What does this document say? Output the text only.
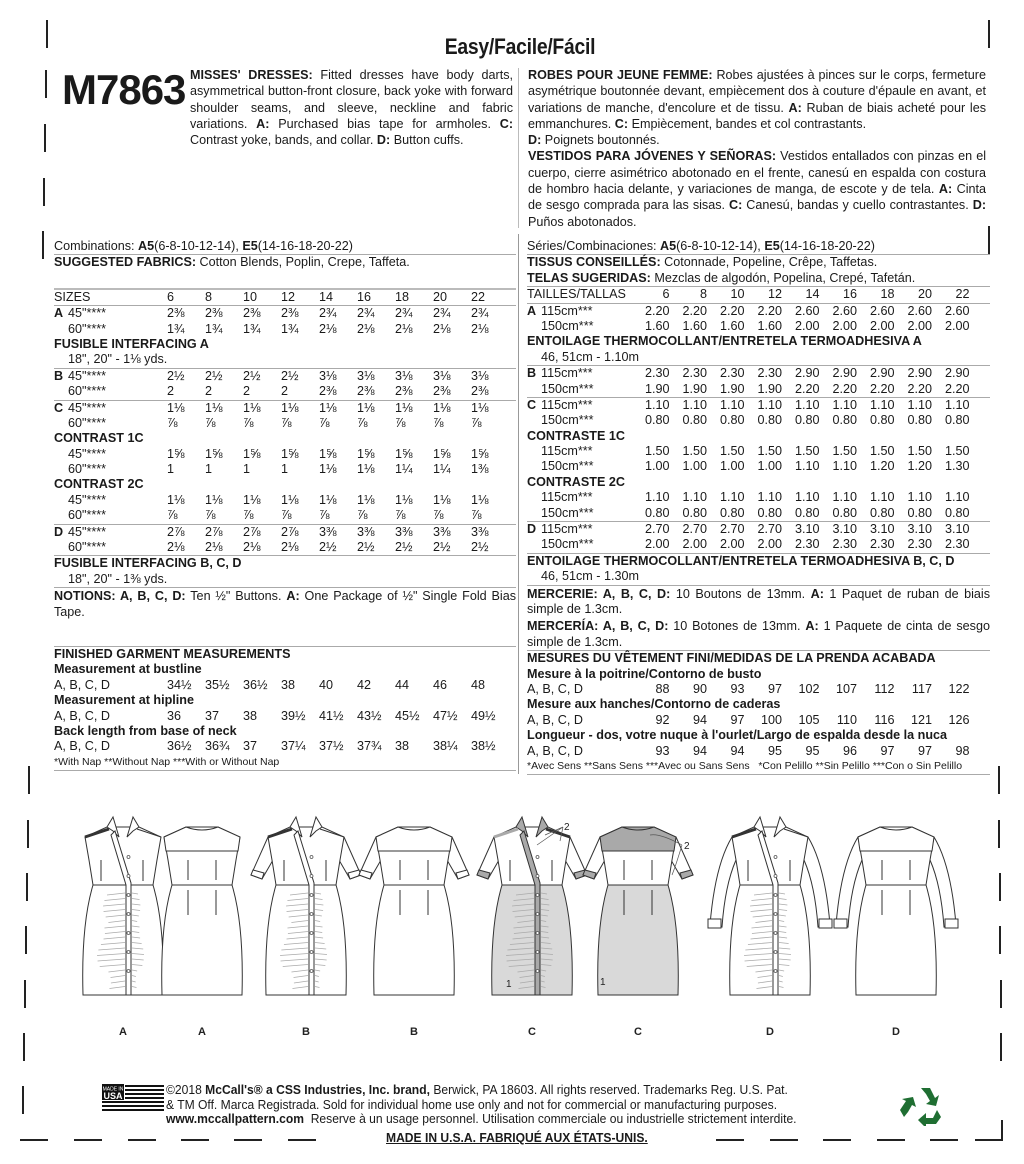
Easy/Facile/Fácil
M7863 MISSES' DRESSES: Fitted dresses have body darts, asymmetrical button-front closure, back yoke with forward shoulder seams, and sleeve, neckline and fabric variations. A: Purchased bias tape for armholes. C: Contrast yoke, bands, and collar. D: Button cuffs.
ROBES POUR JEUNE FEMME: Robes ajustées à pinces sur le corps, fermeture asymétrique boutonnée devant, empiècement dos à couture d'épaule en avant, et variations de manche, d'encolure et de tissu. A: Ruban de biais acheté pour les emmanchures. C: Empiècement, bandes et col contrastants.
D: Poignets boutonnés.
VESTIDOS PARA JÓVENES Y SEÑORAS: Vestidos entallados con pinzas en el cuerpo, cierre asimétrico abotonado en el frente, canesú en espalda con costura de hombro hacia delante, y variaciones de manga, de escote y de tela. A: Cinta de sesgo comprada para las sisas. C: Canesú, bandas y cuello contrastantes. D: Puños abotonados.
Combinations: A5(6-8-10-12-14), E5(14-16-18-20-22)
SUGGESTED FABRICS: Cotton Blends, Poplin, Crepe, Taffeta.
SIZES	6	8	10	12	14	16	18	20	22
A 45"****	2⅜	2⅜	2⅜	2⅜	2¾	2¾	2¾	2¾	2¾
60"****	1¾	1¾	1¾	1¾	2⅛	2⅛	2⅛	2⅛	2⅛
FUSIBLE INTERFACING A
18", 20" - 1⅛ yds.
B 45"****	2½	2½	2½	2½	3⅛	3⅛	3⅛	3⅛	3⅛
60"****	2	2	2	2	2⅜	2⅜	2⅜	2⅜	2⅜
C 45"****	1⅛	1⅛	1⅛	1⅛	1⅛	1⅛	1⅛	1⅛	1⅛
60"****	⅞	⅞	⅞	⅞	⅞	⅞	⅞	⅞	⅞
CONTRAST 1C
45"****	1⅝	1⅝	1⅝	1⅝	1⅝	1⅝	1⅝	1⅝	1⅝
60"****	1	1	1	1	1⅛	1⅛	1¼	1¼	1⅜
CONTRAST 2C
45"****	1⅛	1⅛	1⅛	1⅛	1⅛	1⅛	1⅛	1⅛	1⅛
60"****	⅞	⅞	⅞	⅞	⅞	⅞	⅞	⅞	⅞
D 45"****	2⅞	2⅞	2⅞	2⅞	3⅜	3⅜	3⅜	3⅜	3⅜
60"****	2⅛	2⅛	2⅛	2⅛	2½	2½	2½	2½	2½
FUSIBLE INTERFACING B, C, D
18", 20" - 1⅜ yds.
NOTIONS: A, B, C, D: Ten ½" Buttons. A: One Package of ½" Single Fold Bias Tape.
FINISHED GARMENT MEASUREMENTS
Measurement at bustline
A, B, C, D	34½	35½	36½	38	40	42	44	46	48
Measurement at hipline
A, B, C, D	36	37	38	39½	41½	43½	45½	47½	49½
Back length from base of neck
A, B, C, D	36½	36¾	37	37¼	37½	37¾	38	38¼	38½
*With Nap **Without Nap ***With or Without Nap
Séries/Combinaciones: A5(6-8-10-12-14), E5(14-16-18-20-22)
TISSUS CONSEILLÉS: Cotonnade, Popeline, Crêpe, Taffetas.
TELAS SUGERIDAS: Mezclas de algodón, Popelina, Crepé, Tafetán.
TAILLES/TALLAS	6	8	10	12	14	16	18	20	22
A 115cm***	2.20	2.20	2.20	2.20	2.60	2.60	2.60	2.60	2.60
150cm***	1.60	1.60	1.60	1.60	2.00	2.00	2.00	2.00	2.00
ENTOILAGE THERMOCOLLANT/ENTRETELA TERMOADHESIVA A
46, 51cm - 1.10m
B 115cm***	2.30	2.30	2.30	2.30	2.90	2.90	2.90	2.90	2.90
150cm***	1.90	1.90	1.90	1.90	2.20	2.20	2.20	2.20	2.20
C 115cm***	1.10	1.10	1.10	1.10	1.10	1.10	1.10	1.10	1.10
150cm***	0.80	0.80	0.80	0.80	0.80	0.80	0.80	0.80	0.80
CONTRASTE 1C
115cm***	1.50	1.50	1.50	1.50	1.50	1.50	1.50	1.50	1.50
150cm***	1.00	1.00	1.00	1.00	1.10	1.10	1.20	1.20	1.30
CONTRASTE 2C
115cm***	1.10	1.10	1.10	1.10	1.10	1.10	1.10	1.10	1.10
150cm***	0.80	0.80	0.80	0.80	0.80	0.80	0.80	0.80	0.80
D 115cm***	2.70	2.70	2.70	2.70	3.10	3.10	3.10	3.10	3.10
150cm***	2.00	2.00	2.00	2.00	2.30	2.30	2.30	2.30	2.30
ENTOILAGE THERMOCOLLANT/ENTRETELA TERMOADHESIVA B, C, D
46, 51cm - 1.30m
MERCERIE: A, B, C, D: 10 Boutons de 13mm. A: 1 Paquet de ruban de biais simple de 1.3cm.
MERCERÍA: A, B, C, D: 10 Botones de 13mm. A: 1 Paquete de cinta de sesgo simple de 1.3cm.
MESURES DU VÊTEMENT FINI/MEDIDAS DE LA PRENDA ACABADA
Mesure à la poitrine/Contorno de busto
A, B, C, D	88	90	93	97	102	107	112	117	122
Mesure aux hanches/Contorno de caderas
A, B, C, D	92	94	97	100	105	110	116	121	126
Longueur - dos, votre nuque à l'ourlet/Largo de espalda desde la nuca
A, B, C, D	93	94	94	95	95	96	97	97	98
*Avec Sens **Sans Sens ***Avec ou Sans Sens   *Con Pelillo **Sin Pelillo ***Con o Sin Pelillo
A	A	B	B	C	C	D	D
1	1
2
2
MADE IN
USA	©2018 McCall's® a CSS Industries, Inc. brand, Berwick, PA 18603. All rights reserved. Trademarks Reg. U.S. Pat.
& TM Off. Marca Registrada. Sold for individual home use only and not for commercial or manufacturing purposes.
www.mccallpattern.com Reserve à un usage personnel. Utilisation commerciale ou industrielle strictement interdite.
MADE IN U.S.A. FABRIQUÉ AUX ÉTATS-UNIS.
